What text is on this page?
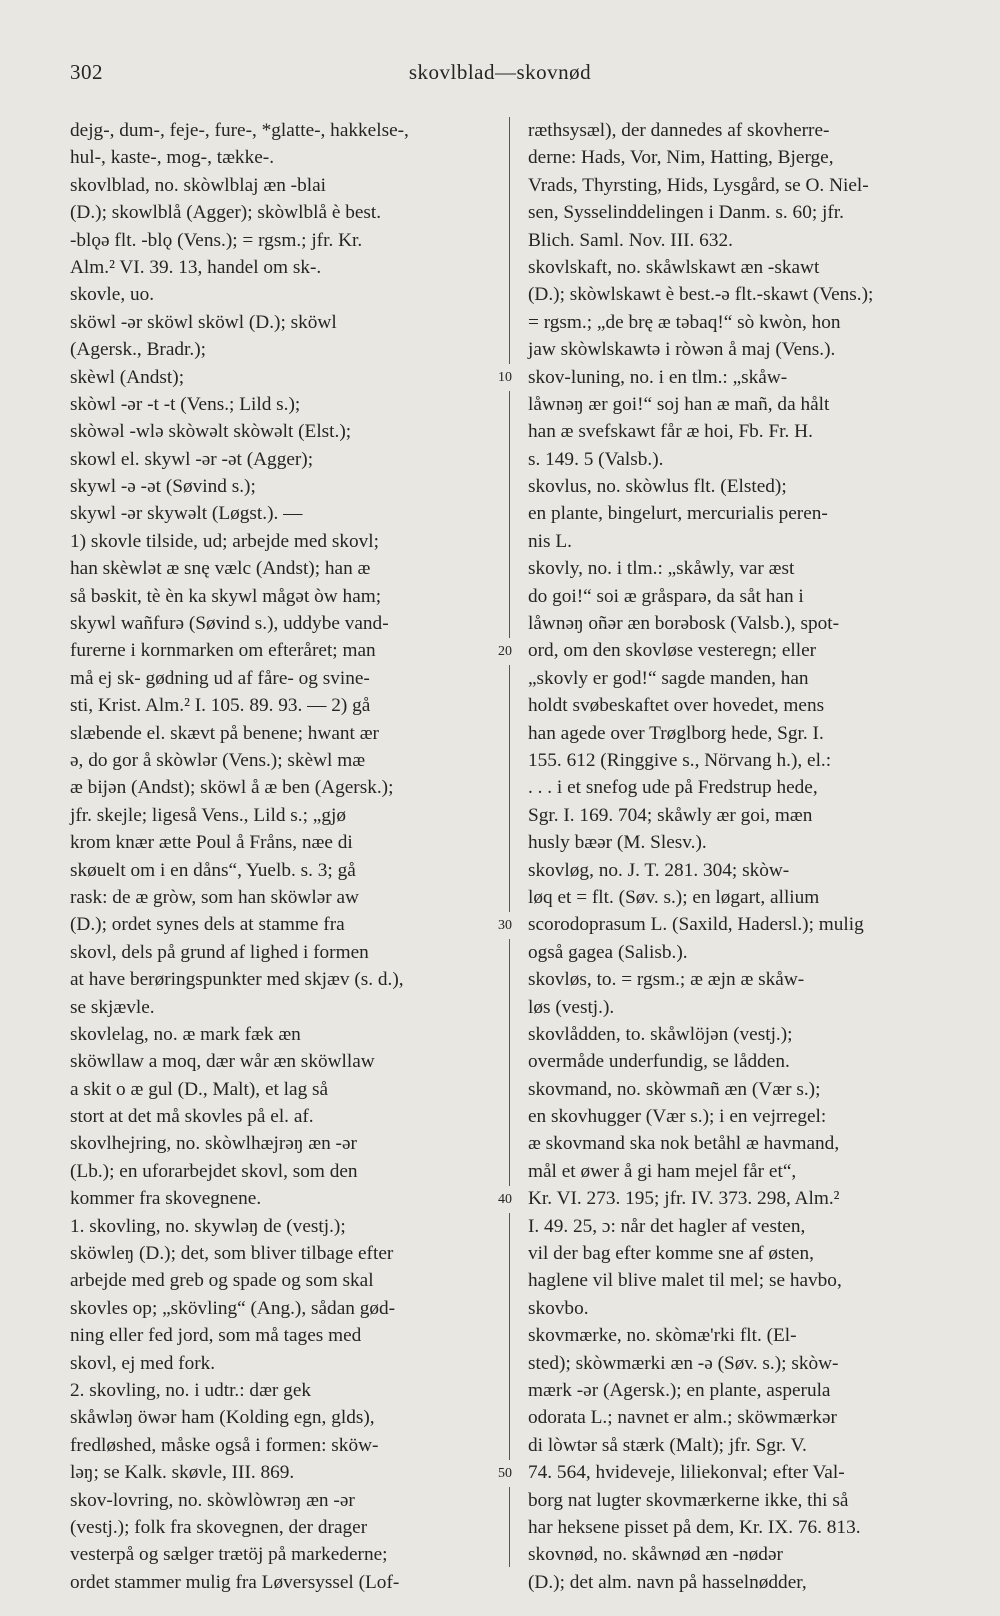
302	skovlblad—skovnød
dejg-, dum-, feje-, fure-, *glatte-, hakkelse-,
hul-, kaste-, mog-, tække-.
skovlblad, no. skòwlblaj æn -blai
(D.); skowlblå (Agger); skòwlblå è best.
-blǫə flt. -blǫ (Vens.); = rgsm.; jfr. Kr.
Alm.² VI. 39. 13, handel om sk-.
skovle, uo.
sköwl -ər sköwl sköwl (D.); sköwl
(Agersk., Bradr.);
skèwl (Andst);
skòwl -ər -t -t (Vens.; Lild s.);
skòwəl -wlə skòwəlt skòwəlt (Elst.);
skowl el. skywl -ər -ət (Agger);
skywl -ə -ət (Søvind s.);
skywl -ər skywəlt (Løgst.). —
1) skovle tilside, ud; arbejde med skovl;
han skèwlət æ snę vælc (Andst); han æ
så bəskit, tè èn ka skywl mågət òw ham;
skywl wañfurə (Søvind s.), uddybe vand-
furerne i kornmarken om efteråret; man
må ej sk- gødning ud af fåre- og svine-
sti, Krist. Alm.² I. 105. 89. 93. — 2) gå
slæbende el. skævt på benene; hwant ær
ə, do gor å skòwlər (Vens.); skèwl mæ
æ bijən (Andst); sköwl å æ ben (Agersk.);
jfr. skejle; ligeså Vens., Lild s.; „gjø
krom knær ætte Poul å Fråns, næe di
skøuelt om i en dåns“, Yuelb. s. 3; gå
rask: de æ gròw, som han sköwlər aw
(D.); ordet synes dels at stamme fra
skovl, dels på grund af lighed i formen
at have berøringspunkter med skjæv (s. d.),
se skjævle.
skovlelag, no. æ mark fæk æn
sköwllaw a moq, dær wår æn sköwllaw
a skit o æ gul (D., Malt), et lag så
stort at det må skovles på el. af.
skovlhejring, no. skòwlhæjrəŋ æn -ər
(Lb.); en uforarbejdet skovl, som den
kommer fra skovegnene.
1. skovling, no. skywləŋ de (vestj.);
sköwleŋ (D.); det, som bliver tilbage efter
arbejde med greb og spade og som skal
skovles op; „skövling“ (Ang.), sådan gød-
ning eller fed jord, som må tages med
skovl, ej med fork.
2. skovling, no. i udtr.: dær gek
skåwləŋ öwər ham (Kolding egn, glds),
fredløshed, måske også i formen: sköw-
ləŋ; se Kalk. skøvle, III. 869.
skov-lovring, no. skòwlòwrəŋ æn -ər
(vestj.); folk fra skovegnen, der drager
vesterpå og sælger trætöj på markederne;
ordet stammer mulig fra Løversyssel (Lof-
10
20
30
40
50
ræthsysæl), der dannedes af skovherre-
derne: Hads, Vor, Nim, Hatting, Bjerge,
Vrads, Thyrsting, Hids, Lysgård, se O. Niel-
sen, Sysselinddelingen i Danm. s. 60; jfr.
Blich. Saml. Nov. III. 632.
skovlskaft, no. skåwlskawt æn -skawt
(D.); skòwlskawt è best.-ə flt.-skawt (Vens.);
= rgsm.; „de brę æ təbaq!“ sò kwòn, hon
jaw skòwlskawtə i ròwən å maj (Vens.).
skov-luning, no. i en tlm.: „skåw-
låwnəŋ ær goi!“ soj han æ mañ, da hålt
han æ svefskawt får æ hoi, Fb. Fr. H.
s. 149. 5 (Valsb.).
skovlus, no. skòwlus flt. (Elsted);
en plante, bingelurt, mercurialis peren-
nis L.
skovly, no. i tlm.: „skåwly, var æst
do goi!“ soi æ gråsparə, da såt han i
låwnəŋ oñər æn borəbosk (Valsb.), spot-
ord, om den skovløse vesteregn; eller
„skovly er god!“ sagde manden, han
holdt svøbeskaftet over hovedet, mens
han agede over Trøglborg hede, Sgr. I.
155. 612 (Ringgive s., Nörvang h.), el.:
. . . i et snefog ude på Fredstrup hede,
Sgr. I. 169. 704; skåwly ær goi, mæn
husly bæər (M. Slesv.).
skovløg, no. J. T. 281. 304; skòw-
løq et = flt. (Søv. s.); en løgart, allium
scorodoprasum L. (Saxild, Hadersl.); mulig
også gagea (Salisb.).
skovløs, to. = rgsm.; æ æjn æ skåw-
løs (vestj.).
skovlådden, to. skåwlöjən (vestj.);
overmåde underfundig, se lådden.
skovmand, no. skòwmañ æn (Vær s.);
en skovhugger (Vær s.); i en vejrregel:
æ skovmand ska nok betåhl æ havmand,
mål et øwer å gi ham mejel får et“,
Kr. VI. 273. 195; jfr. IV. 373. 298, Alm.²
I. 49. 25, ɔ: når det hagler af vesten,
vil der bag efter komme sne af østen,
haglene vil blive malet til mel; se havbo,
skovbo.
skovmærke, no. skòmæ'rki flt. (El-
sted); skòwmærki æn -ə (Søv. s.); skòw-
mærk -ər (Agersk.); en plante, asperula
odorata L.; navnet er alm.; sköwmærkər
di lòwtər så stærk (Malt); jfr. Sgr. V.
74. 564, hvideveje, liliekonval; efter Val-
borg nat lugter skovmærkerne ikke, thi så
har heksene pisset på dem, Kr. IX. 76. 813.
skovnød, no. skåwnød æn -nødər
(D.); det alm. navn på hasselnødder,
